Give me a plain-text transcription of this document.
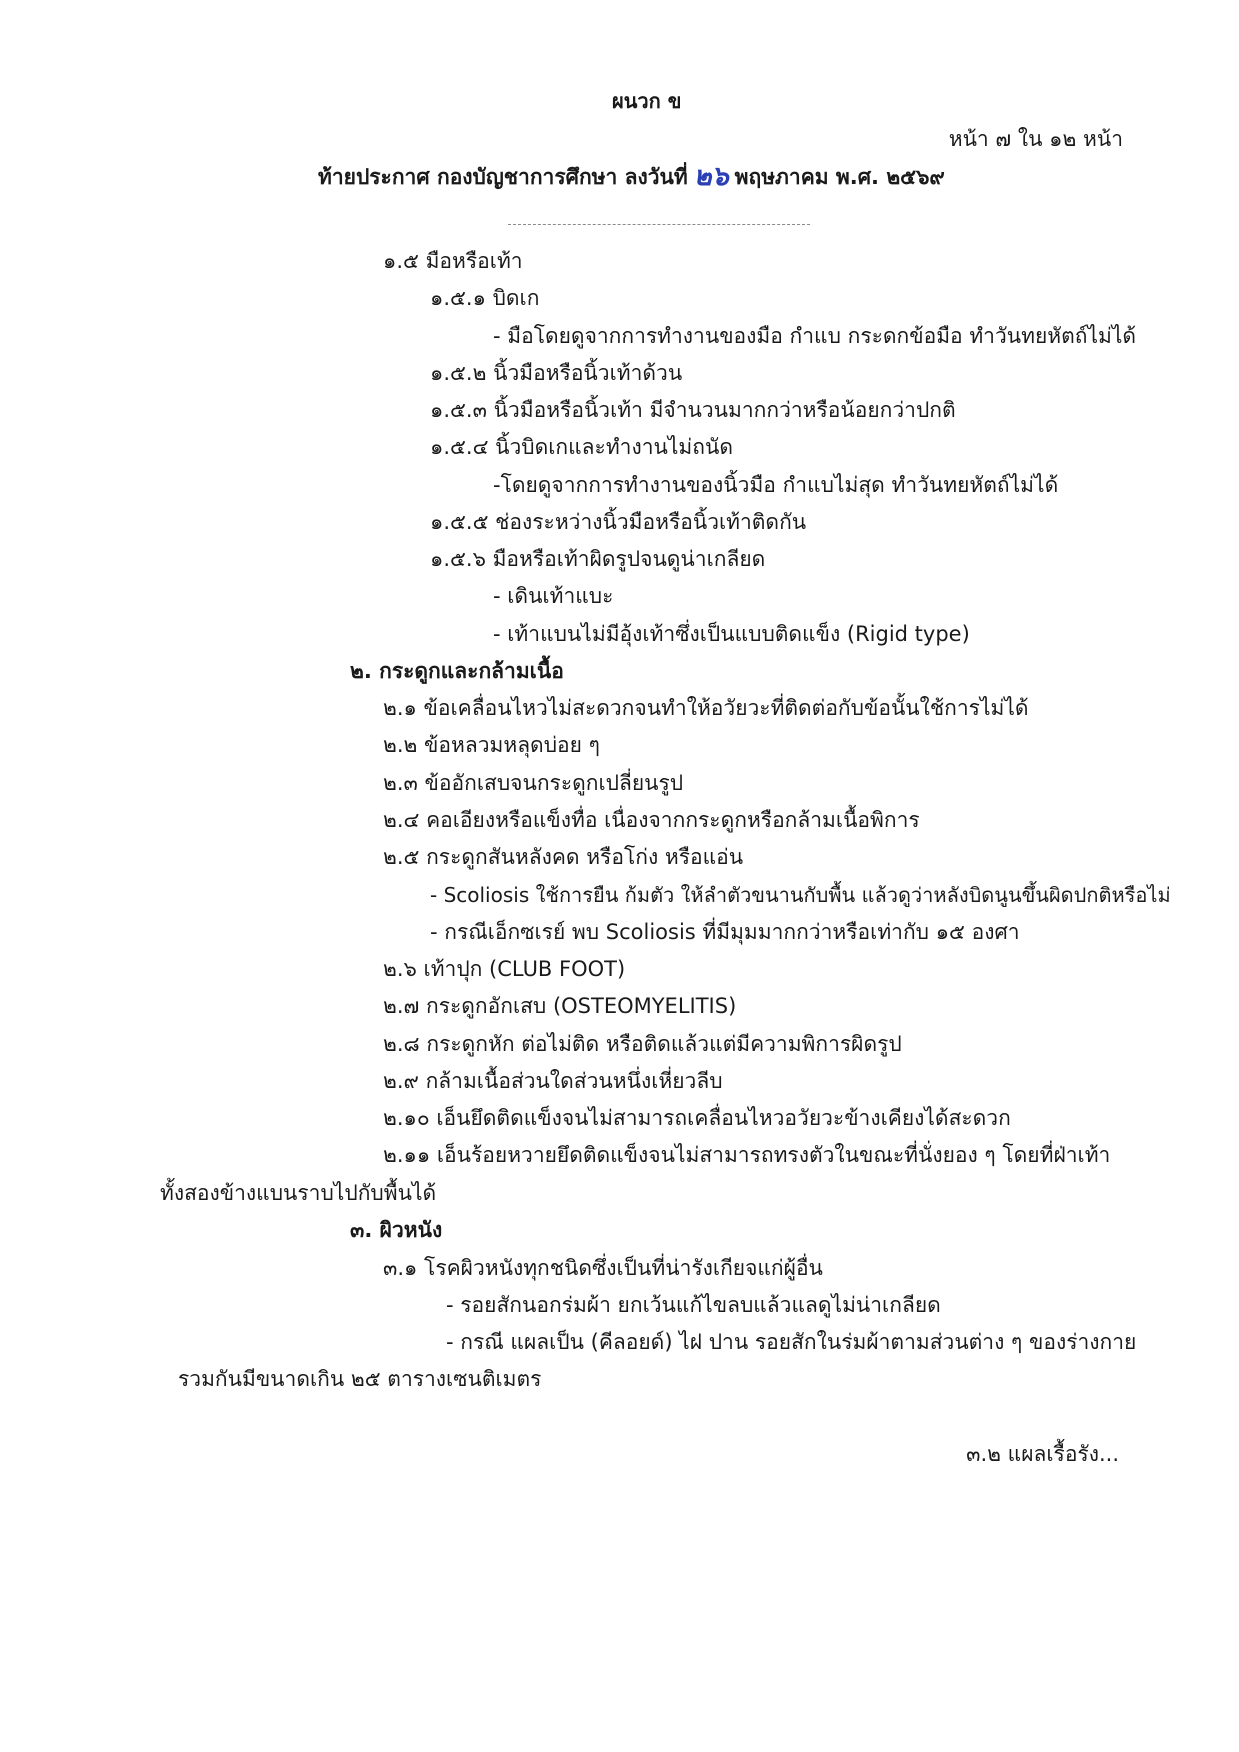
ผนวก ข
หน้า ๗ ใน ๑๒ หน้า
ท้ายประกาศ กองบัญชาการศึกษา ลงวันที่ ๒๖ พฤษภาคม พ.ศ. ๒๕๖๙
๑.๕ มือหรือเท้า
๑.๕.๑ บิดเก
- มือโดยดูจากการทำงานของมือ กำแบ กระดกข้อมือ ทำวันทยหัตถ์ไม่ได้
๑.๕.๒ นิ้วมือหรือนิ้วเท้าด้วน
๑.๕.๓ นิ้วมือหรือนิ้วเท้า มีจำนวนมากกว่าหรือน้อยกว่าปกติ
๑.๕.๔ นิ้วบิดเกและทำงานไม่ถนัด
-โดยดูจากการทำงานของนิ้วมือ กำแบไม่สุด ทำวันทยหัตถ์ไม่ได้
๑.๕.๕ ช่องระหว่างนิ้วมือหรือนิ้วเท้าติดกัน
๑.๕.๖ มือหรือเท้าผิดรูปจนดูน่าเกลียด
- เดินเท้าแบะ
- เท้าแบนไม่มีอุ้งเท้าซึ่งเป็นแบบติดแข็ง (Rigid type)
๒. กระดูกและกล้ามเนื้อ
๒.๑ ข้อเคลื่อนไหวไม่สะดวกจนทำให้อวัยวะที่ติดต่อกับข้อนั้นใช้การไม่ได้
๒.๒ ข้อหลวมหลุดบ่อย ๆ
๒.๓ ข้ออักเสบจนกระดูกเปลี่ยนรูป
๒.๔ คอเอียงหรือแข็งทื่อ เนื่องจากกระดูกหรือกล้ามเนื้อพิการ
๒.๕ กระดูกสันหลังคด หรือโก่ง หรือแอ่น
- Scoliosis ใช้การยืน ก้มตัว ให้ลำตัวขนานกับพื้น แล้วดูว่าหลังบิดนูนขึ้นผิดปกติหรือไม่
- กรณีเอ็กซเรย์ พบ Scoliosis ที่มีมุมมากกว่าหรือเท่ากับ ๑๕ องศา
๒.๖ เท้าปุก (CLUB FOOT)
๒.๗ กระดูกอักเสบ (OSTEOMYELITIS)
๒.๘ กระดูกหัก ต่อไม่ติด หรือติดแล้วแต่มีความพิการผิดรูป
๒.๙ กล้ามเนื้อส่วนใดส่วนหนึ่งเหี่ยวลีบ
๒.๑๐ เอ็นยึดติดแข็งจนไม่สามารถเคลื่อนไหวอวัยวะข้างเคียงได้สะดวก
๒.๑๑ เอ็นร้อยหวายยึดติดแข็งจนไม่สามารถทรงตัวในขณะที่นั่งยอง ๆ โดยที่ฝ่าเท้า
ทั้งสองข้างแบนราบไปกับพื้นได้
๓. ผิวหนัง
๓.๑ โรคผิวหนังทุกชนิดซึ่งเป็นที่น่ารังเกียจแก่ผู้อื่น
- รอยสักนอกร่มผ้า ยกเว้นแก้ไขลบแล้วแลดูไม่น่าเกลียด
- กรณี แผลเป็น (คีลอยด์) ไฝ ปาน รอยสักในร่มผ้าตามส่วนต่าง ๆ ของร่างกาย
รวมกันมีขนาดเกิน ๒๕ ตารางเซนติเมตร
๓.๒ แผลเรื้อรัง...
